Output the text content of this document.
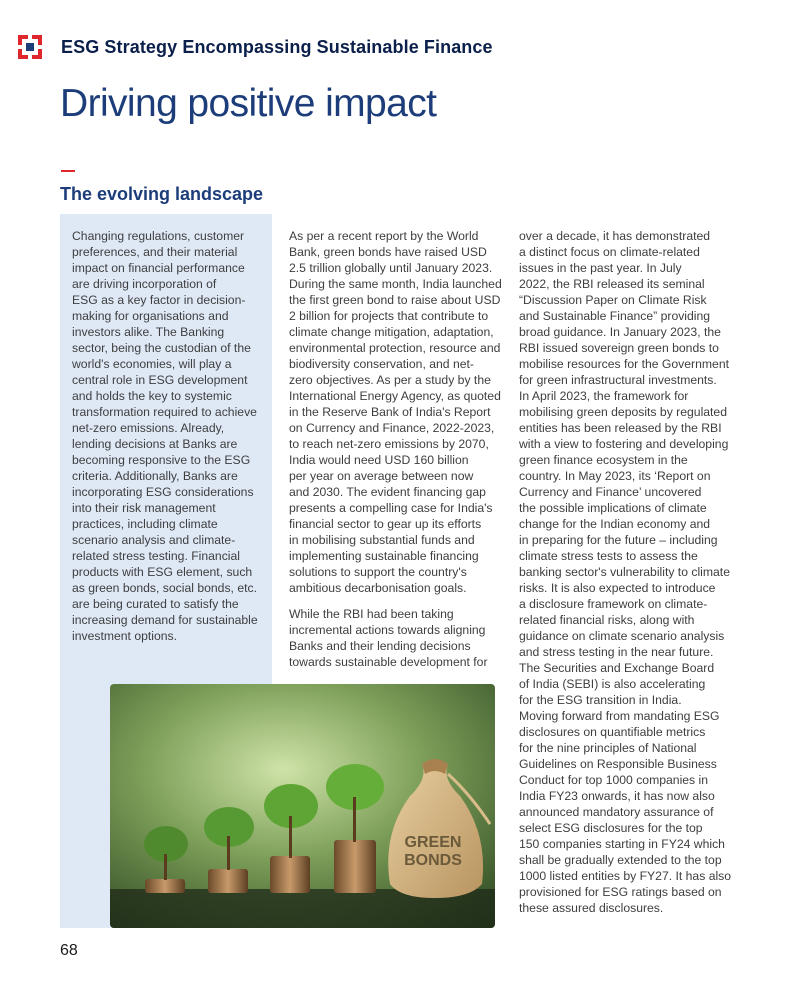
ESG Strategy Encompassing Sustainable Finance
Driving positive impact
The evolving landscape

Changing regulations, customer
preferences, and their material
impact on financial performance
are driving incorporation of
ESG as a key factor in decision-
making for organisations and
investors alike. The Banking
sector, being the custodian of the
world's economies, will play a
central role in ESG development
and holds the key to systemic
transformation required to achieve
net-zero emissions. Already,
lending decisions at Banks are
becoming responsive to the ESG
criteria. Additionally, Banks are
incorporating ESG considerations
into their risk management
practices, including climate
scenario analysis and climate-
related stress testing. Financial
products with ESG element, such
as green bonds, social bonds, etc.
are being curated to satisfy the
increasing demand for sustainable
investment options.

As per a recent report by the World
Bank, green bonds have raised USD
2.5 trillion globally until January 2023.
During the same month, India launched
the first green bond to raise about USD
2 billion for projects that contribute to
climate change mitigation, adaptation,
environmental protection, resource and
biodiversity conservation, and net-
zero objectives. As per a study by the
International Energy Agency, as quoted
in the Reserve Bank of India's Report
on Currency and Finance, 2022-2023,
to reach net-zero emissions by 2070,
India would need USD 160 billion
per year on average between now
and 2030. The evident financing gap
presents a compelling case for India's
financial sector to gear up its efforts
in mobilising substantial funds and
implementing sustainable financing
solutions to support the country's
ambitious decarbonisation goals.

While the RBI had been taking
incremental actions towards aligning
Banks and their lending decisions
towards sustainable development for

over a decade, it has demonstrated
a distinct focus on climate-related
issues in the past year. In July
2022, the RBI released its seminal
“Discussion Paper on Climate Risk
and Sustainable Finance” providing
broad guidance. In January 2023, the
RBI issued sovereign green bonds to
mobilise resources for the Government
for green infrastructural investments.
In April 2023, the framework for
mobilising green deposits by regulated
entities has been released by the RBI
with a view to fostering and developing
green finance ecosystem in the
country. In May 2023, its ‘Report on
Currency and Finance’ uncovered
the possible implications of climate
change for the Indian economy and
in preparing for the future – including
climate stress tests to assess the
banking sector's vulnerability to climate
risks. It is also expected to introduce
a disclosure framework on climate-
related financial risks, along with
guidance on climate scenario analysis
and stress testing in the near future.
The Securities and Exchange Board
of India (SEBI) is also accelerating
for the ESG transition in India.
Moving forward from mandating ESG
disclosures on quantifiable metrics
for the nine principles of National
Guidelines on Responsible Business
Conduct for top 1000 companies in
India FY23 onwards, it has now also
announced mandatory assurance of
select ESG disclosures for the top
150 companies starting in FY24 which
shall be gradually extended to the top
1000 listed entities by FY27. It has also
provisioned for ESG ratings based on
these assured disclosures.

GREEN
BONDS
68
